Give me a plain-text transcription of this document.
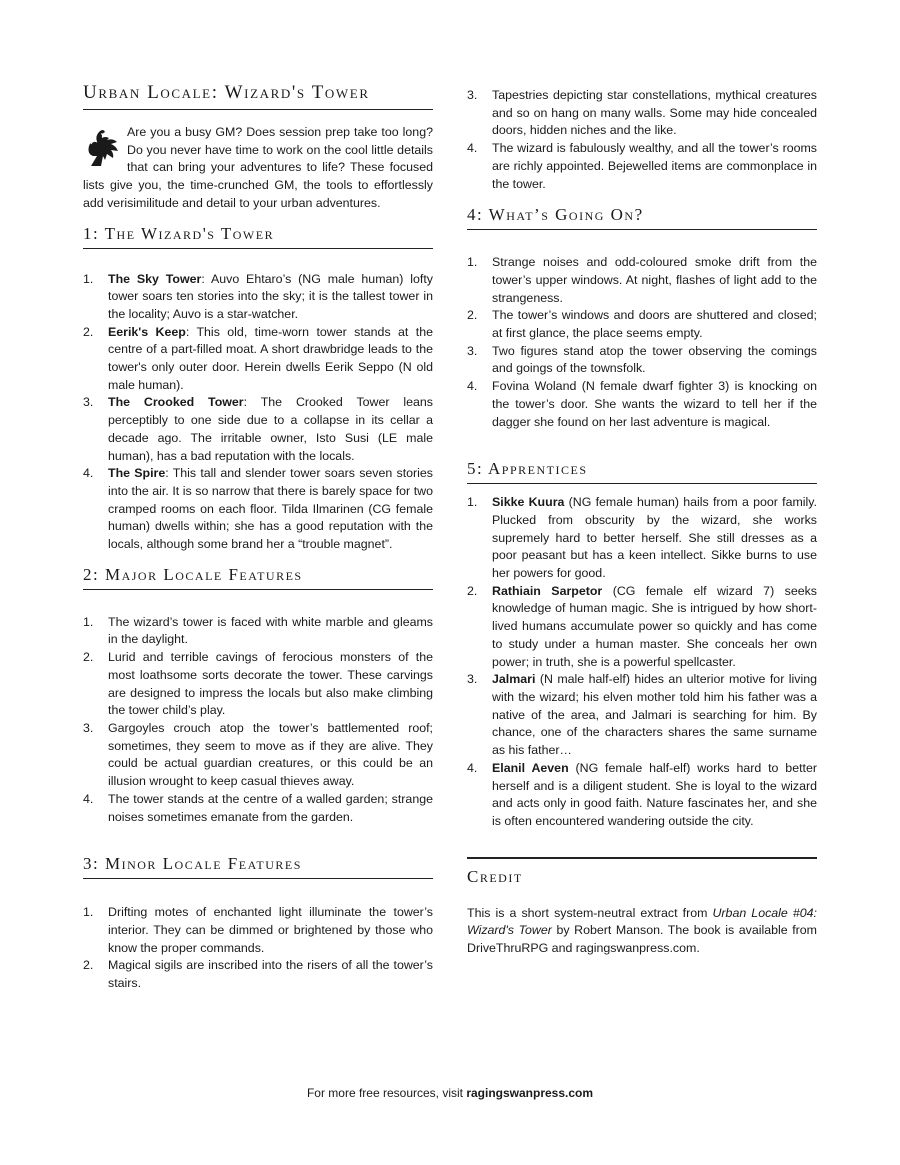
Urban Locale: Wizard's Tower

Are you a busy GM? Does session prep take too long? Do you never have time to work on the cool little details that can bring your adventures to life? These focused lists give you, the time-crunched GM, the tools to effortlessly add verisimilitude and detail to your urban adventures.

1: The Wizard's Tower
1. The Sky Tower: Auvo Ehtaro’s (NG male human) lofty tower soars ten stories into the sky; it is the tallest tower in the locality; Auvo is a star-watcher.
2. Eerik's Keep: This old, time-worn tower stands at the centre of a part-filled moat. A short drawbridge leads to the tower's only outer door. Herein dwells Eerik Seppo (N old male human).
3. The Crooked Tower: The Crooked Tower leans perceptibly to one side due to a collapse in its cellar a decade ago. The irritable owner, Isto Susi (LE male human), has a bad reputation with the locals.
4. The Spire: This tall and slender tower soars seven stories into the air. It is so narrow that there is barely space for two cramped rooms on each floor. Tilda Ilmarinen (CG female human) dwells within; she has a good reputation with the locals, although some brand her a “trouble magnet”.
2: Major Locale Features
1. The wizard’s tower is faced with white marble and gleams in the daylight.
2. Lurid and terrible cavings of ferocious monsters of the most loathsome sorts decorate the tower. These carvings are designed to impress the locals but also make climbing the tower child’s play.
3. Gargoyles crouch atop the tower’s battlemented roof; sometimes, they seem to move as if they are alive. They could be actual guardian creatures, or this could be an illusion wrought to keep casual thieves away.
4. The tower stands at the centre of a walled garden; strange noises sometimes emanate from the garden.
3: Minor Locale Features
1. Drifting motes of enchanted light illuminate the tower’s interior. They can be dimmed or brightened by those who know the proper commands.
2. Magical sigils are inscribed into the risers of all the tower’s stairs.
3. Tapestries depicting star constellations, mythical creatures and so on hang on many walls. Some may hide concealed doors, hidden niches and the like.
4. The wizard is fabulously wealthy, and all the tower’s rooms are richly appointed. Bejewelled items are commonplace in the tower.
4: What’s Going On?
1. Strange noises and odd-coloured smoke drift from the tower’s upper windows. At night, flashes of light add to the strangeness.
2. The tower’s windows and doors are shuttered and closed; at first glance, the place seems empty.
3. Two figures stand atop the tower observing the comings and goings of the townsfolk.
4. Fovina Woland (N female dwarf fighter 3) is knocking on the tower’s door. She wants the wizard to tell her if the dagger she found on her last adventure is magical.
5: Apprentices
1. Sikke Kuura (NG female human) hails from a poor family. Plucked from obscurity by the wizard, she works supremely hard to better herself. She still dresses as a poor peasant but has a keen intellect. Sikke burns to use her powers for good.
2. Rathiain Sarpetor (CG female elf wizard 7) seeks knowledge of human magic. She is intrigued by how short-lived humans accumulate power so quickly and has come to study under a human master. She conceals her own power; in truth, she is a powerful spellcaster.
3. Jalmari (N male half-elf) hides an ulterior motive for living with the wizard; his elven mother told him his father was a native of the area, and Jalmari is searching for him. By chance, one of the characters shares the same surname as his father…
4. Elanil Aeven (NG female half-elf) works hard to better herself and is a diligent student. She is loyal to the wizard and acts only in good faith. Nature fascinates her, and she is often encountered wandering outside the city.
Credit

This is a short system-neutral extract from Urban Locale #04: Wizard's Tower by Robert Manson. The book is available from DriveThruRPG and ragingswanpress.com.

For more free resources, visit ragingswanpress.com
